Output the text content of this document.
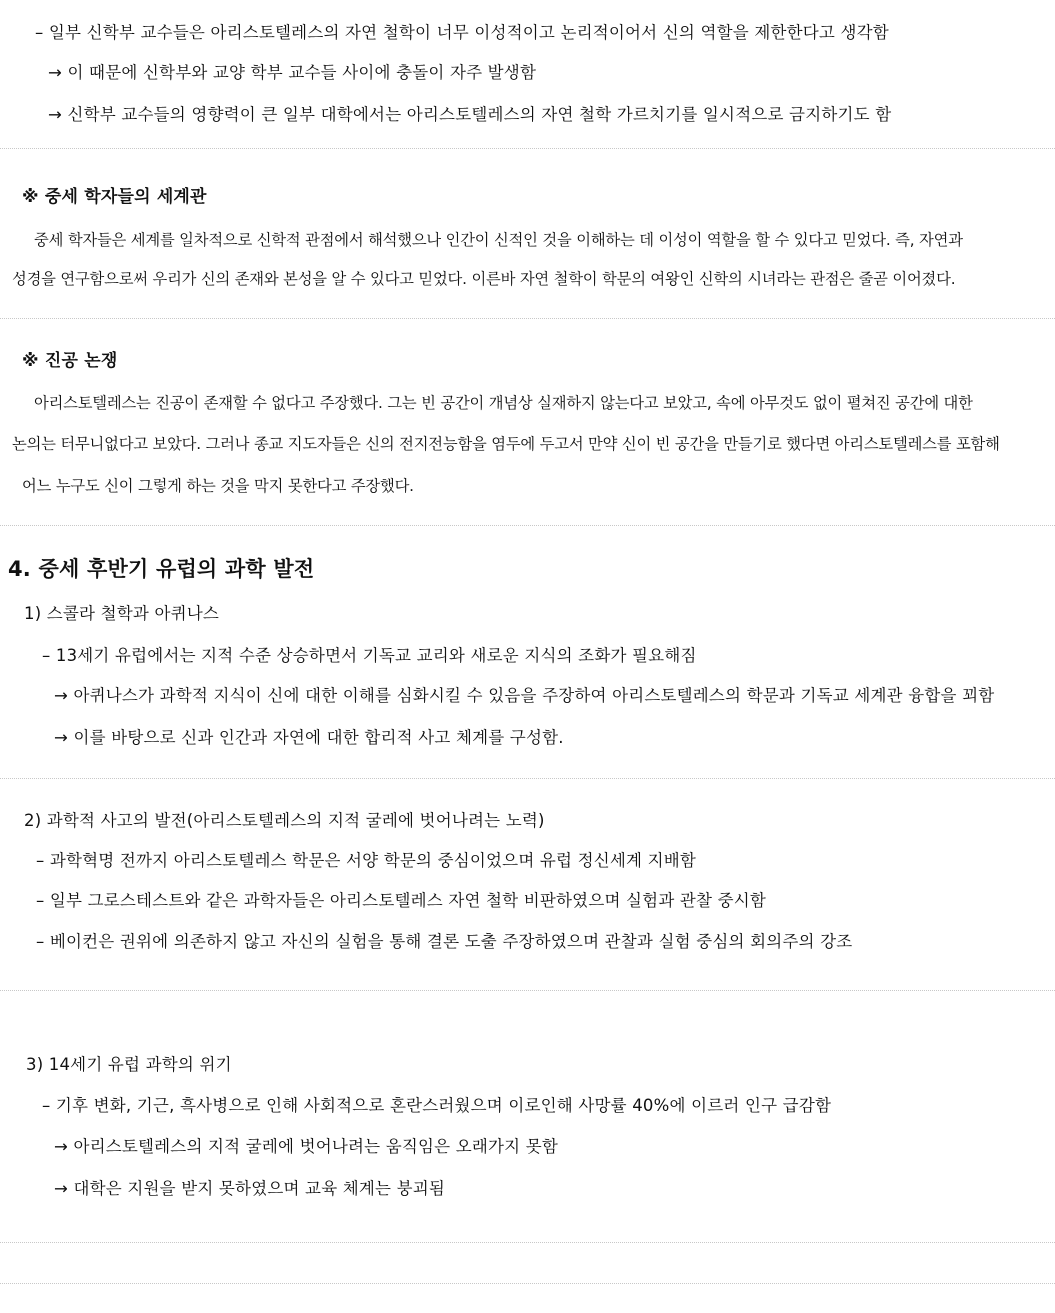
– 일부 신학부 교수들은 아리스토텔레스의 자연 철학이 너무 이성적이고 논리적이어서 신의 역할을 제한한다고 생각함
→ 이 때문에 신학부와 교양 학부 교수들 사이에 충돌이 자주 발생함
→ 신학부 교수들의 영향력이 큰 일부 대학에서는 아리스토텔레스의 자연 철학 가르치기를 일시적으로 금지하기도 함
※ 중세 학자들의 세계관
중세 학자들은 세계를 일차적으로 신학적 관점에서 해석했으나 인간이 신적인 것을 이해하는 데 이성이 역할을 할 수 있다고 믿었다. 즉, 자연과
성경을 연구함으로써 우리가 신의 존재와 본성을 알 수 있다고 믿었다. 이른바 자연 철학이 학문의 여왕인 신학의 시녀라는 관점은 줄곧 이어졌다.
※ 진공 논쟁
아리스토텔레스는 진공이 존재할 수 없다고 주장했다. 그는 빈 공간이 개념상 실재하지 않는다고 보았고, 속에 아무것도 없이 펼쳐진 공간에 대한
논의는 터무니없다고 보았다. 그러나 종교 지도자들은 신의 전지전능함을 염두에 두고서 만약 신이 빈 공간을 만들기로 했다면 아리스토텔레스를 포함해
어느 누구도 신이 그렇게 하는 것을 막지 못한다고 주장했다.
4. 중세 후반기 유럽의 과학 발전
1) 스콜라 철학과 아퀴나스
– 13세기 유럽에서는 지적 수준 상승하면서 기독교 교리와 새로운 지식의 조화가 필요해짐
→ 아퀴나스가 과학적 지식이 신에 대한 이해를 심화시킬 수 있음을 주장하여 아리스토텔레스의 학문과 기독교 세계관 융합을 꾀함
→ 이를 바탕으로 신과 인간과 자연에 대한 합리적 사고 체계를 구성함.
2) 과학적 사고의 발전(아리스토텔레스의 지적 굴레에 벗어나려는 노력)
– 과학혁명 전까지 아리스토텔레스 학문은 서양 학문의 중심이었으며 유럽 정신세계 지배함
– 일부 그로스테스트와 같은 과학자들은 아리스토텔레스 자연 철학 비판하였으며 실험과 관찰 중시함
– 베이컨은 권위에 의존하지 않고 자신의 실험을 통해 결론 도출 주장하였으며 관찰과 실험 중심의 회의주의 강조
3) 14세기 유럽 과학의 위기
– 기후 변화, 기근, 흑사병으로 인해 사회적으로 혼란스러웠으며 이로인해 사망률 40%에 이르러 인구 급감함
→ 아리스토텔레스의 지적 굴레에 벗어나려는 움직임은 오래가지 못함
→ 대학은 지원을 받지 못하였으며 교육 체계는 붕괴됨
